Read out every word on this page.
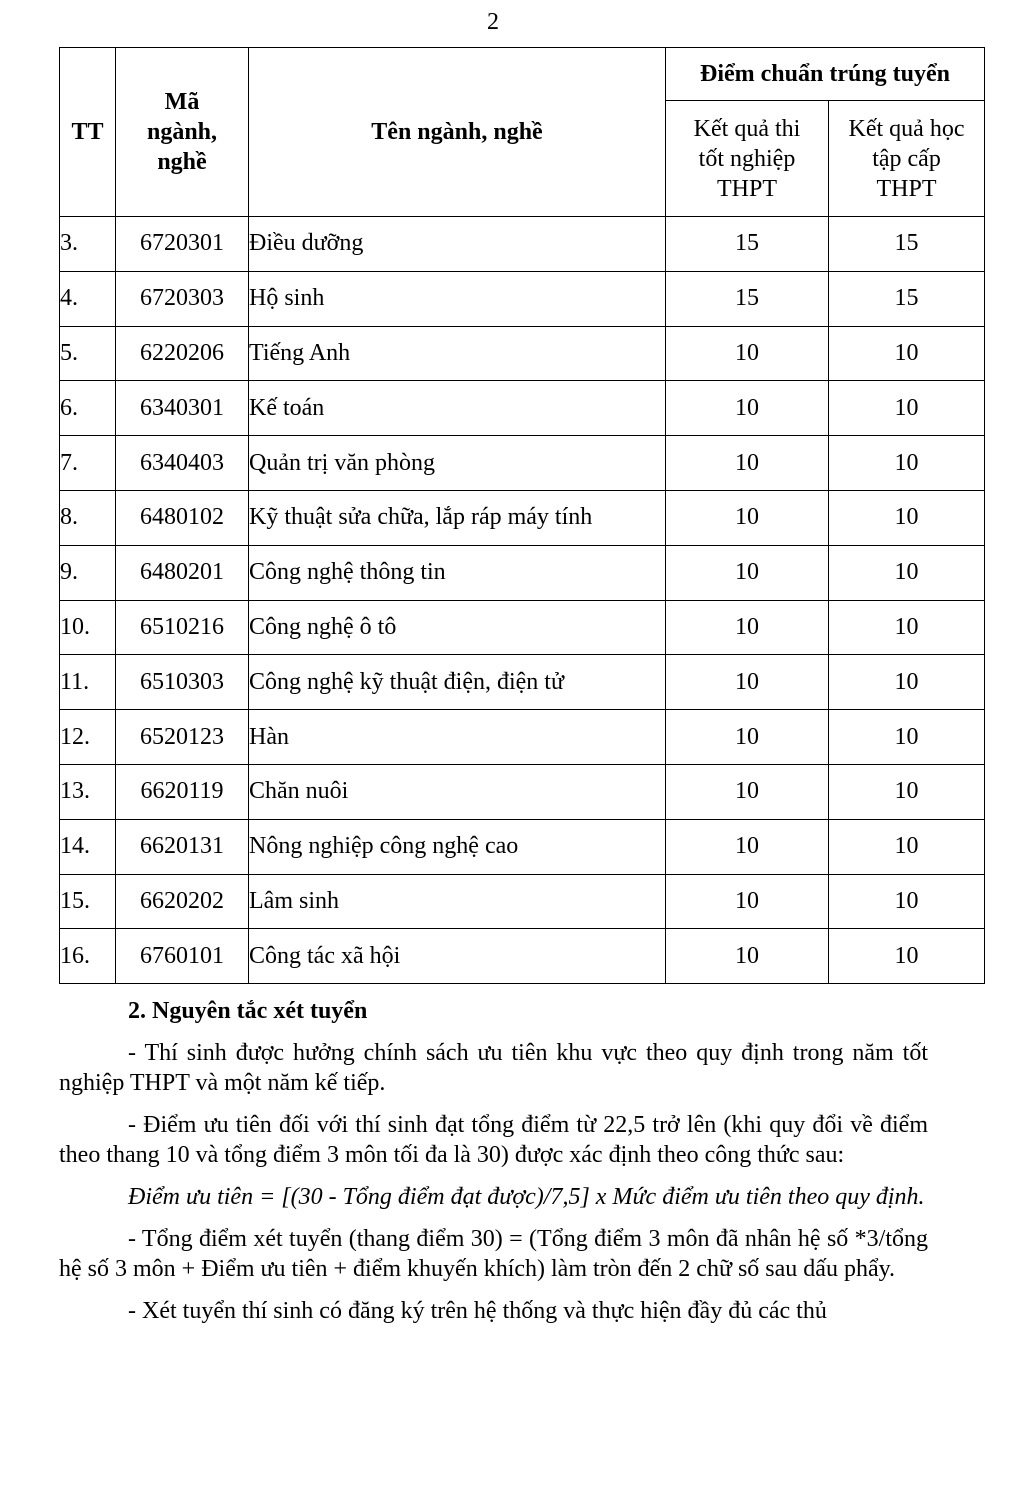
2
TT	Mã ngành, nghề	Tên ngành, nghề	Điểm chuẩn trúng tuyển	
			Kết quả thi tốt nghiệp THPT	Kết quả học tập cấp THPT
3.	6720301	Điều dưỡng	15	15
4.	6720303	Hộ sinh	15	15
5.	6220206	Tiếng Anh	10	10
6.	6340301	Kế toán	10	10
7.	6340403	Quản trị văn phòng	10	10
8.	6480102	Kỹ thuật sửa chữa, lắp ráp máy tính	10	10
9.	6480201	Công nghệ thông tin	10	10
10.	6510216	Công nghệ ô tô	10	10
11.	6510303	Công nghệ kỹ thuật điện, điện tử	10	10
12.	6520123	Hàn	10	10
13.	6620119	Chăn nuôi	10	10
14.	6620131	Nông nghiệp công nghệ cao	10	10
15.	6620202	Lâm sinh	10	10
16.	6760101	Công tác xã hội	10	10

2. Nguyên tắc xét tuyển

- Thí sinh được hưởng chính sách ưu tiên khu vực theo quy định trong năm tốt nghiệp THPT và một năm kế tiếp.

- Điểm ưu tiên đối với thí sinh đạt tổng điểm từ 22,5 trở lên (khi quy đổi về điểm theo thang 10 và tổng điểm 3 môn tối đa là 30) được xác định theo công thức sau:

Điểm ưu tiên = [(30 - Tổng điểm đạt được)/7,5] x Mức điểm ưu tiên theo quy định.

- Tổng điểm xét tuyển (thang điểm 30) = (Tổng điểm 3 môn đã nhân hệ số *3/tổng hệ số 3 môn + Điểm ưu tiên + điểm khuyến khích) làm tròn đến 2 chữ số sau dấu phẩy.

- Xét tuyển thí sinh có đăng ký trên hệ thống và thực hiện đầy đủ các thủ
